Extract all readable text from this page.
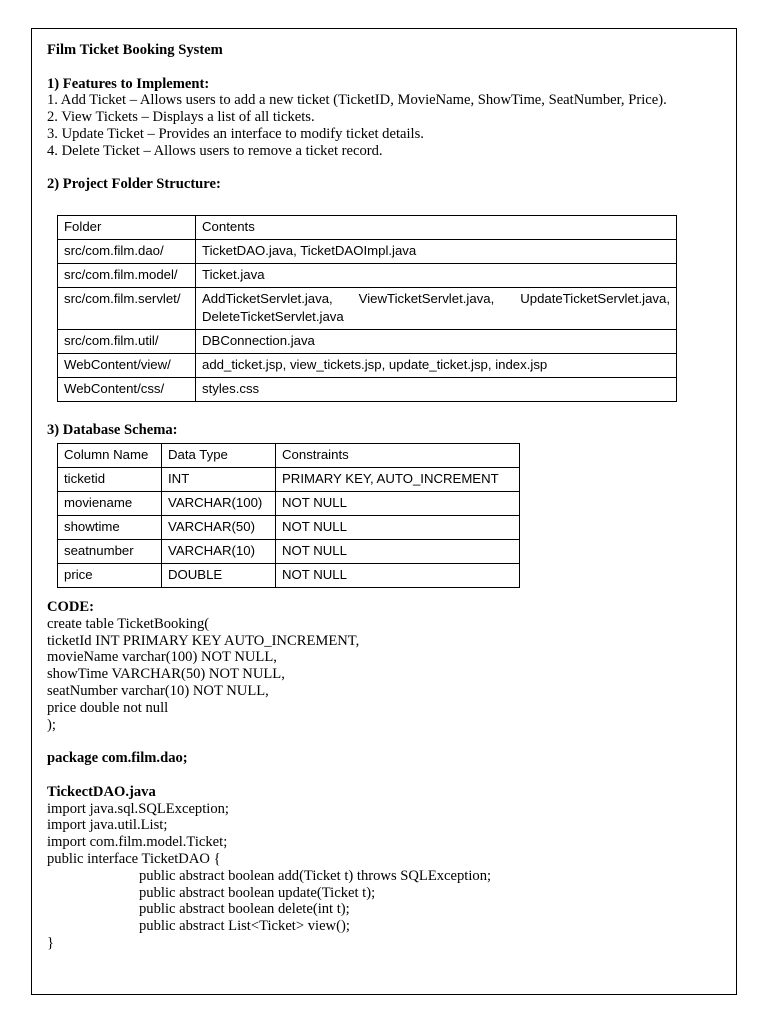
Film Ticket Booking System
1) Features to Implement:
1. Add Ticket – Allows users to add a new ticket (TicketID, MovieName, ShowTime, SeatNumber, Price).
2. View Tickets – Displays a list of all tickets.
3. Update Ticket – Provides an interface to modify ticket details.
4. Delete Ticket – Allows users to remove a ticket record.
2) Project Folder Structure:
Folder	Contents
src/com.film.dao/	TicketDAO.java, TicketDAOImpl.java
src/com.film.model/	Ticket.java
src/com.film.servlet/	AddTicketServlet.java, ViewTicketServlet.java, UpdateTicketServlet.java, DeleteTicketServlet.java
src/com.film.util/	DBConnection.java
WebContent/view/	add_ticket.jsp, view_tickets.jsp, update_ticket.jsp, index.jsp
WebContent/css/	styles.css
3) Database Schema:
Column Name	Data Type	Constraints
ticketid	INT	PRIMARY KEY, AUTO_INCREMENT
moviename	VARCHAR(100)	NOT NULL
showtime	VARCHAR(50)	NOT NULL
seatnumber	VARCHAR(10)	NOT NULL
price	DOUBLE	NOT NULL
CODE:
create table TicketBooking(
ticketId INT PRIMARY KEY AUTO_INCREMENT,
movieName varchar(100) NOT NULL,
showTime VARCHAR(50) NOT NULL,
seatNumber varchar(10) NOT NULL,
price double not null
);
package com.film.dao;
TickectDAO.java
import java.sql.SQLException;
import java.util.List;
import com.film.model.Ticket;
public interface TicketDAO {
public abstract boolean add(Ticket t) throws SQLException;
public abstract boolean update(Ticket t);
public abstract boolean delete(int t);
public abstract List<Ticket> view();
}
